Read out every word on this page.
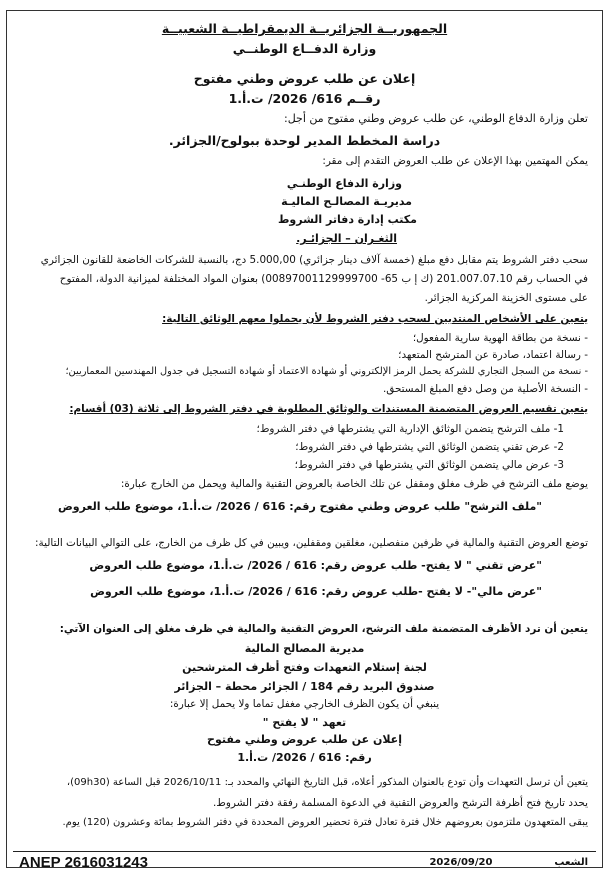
الجمهوريــة الجزائريــة الديمقراطيــة الشعبيــة
وزارة الدفــاع الوطنــي
إعلان عن طلب عروض وطني مفتوح
رقــم 616/ 2026/ ت.أ.1
تعلن وزارة الدفاع الوطني، عن طلب عروض وطني مفتوح من أجل:
دراسة المخطط المدير لوحدة ببولوح/الجزائر.
يمكن المهتمين بهذا الإعلان عن طلب العروض التقدم إلى مقر:
وزارة الدفاع الوطنـي
مديريـة المصالـح الماليـة
مكتب إدارة دفاتر الشروط
الثغـران – الجزائـر.
سحب دفتر الشروط يتم مقابل دفع مبلغ (خمسة آلاف دينار جزائري) 5.000,00 دج، بالنسبة للشركات الخاضعة للقانون الجزائري
في الحساب رقم 201.007.07.10 (ك إ ب 65- 00897001129999700) بعنوان المواد المختلفة لميزانية الدولة، المفتوح
على مستوى الخزينة المركزية الجزائر.
يتعين على الأشخاص المنتدبين لسحب دفتر الشروط لأن يحملوا معهم الوثائق التالية:
- نسخة من بطاقة الهوية سارية المفعول؛
- رسالة اعتماد، صادرة عن المترشح المتعهد؛
- نسخة من السجل التجاري للشركة يحمل الرمز الإلكتروني أو شهادة الاعتماد أو شهادة التسجيل في جدول المهندسين المعماريين؛
- النسخة الأصلية من وصل دفع المبلغ المستحق.
يتعين تقسيم العروض المتضمنة المستندات والوثائق المطلوبة في دفتر الشروط إلى ثلاثة (03) أقسام:
1- ملف الترشح يتضمن الوثائق الإدارية التي يشترطها في دفتر الشروط؛
2- عرض تقني يتضمن الوثائق التي يشترطها في دفتر الشروط؛
3- عرض مالي يتضمن الوثائق التي يشترطها في دفتر الشروط؛
يوضع ملف الترشح في ظرف مغلق ومقفل عن تلك الخاصة بالعروض التقنية والمالية ويحمل من الخارج عبارة:
"ملف الترشح" طلب عروض وطني مفتوح رقم: 616 / 2026/ ت.أ.1، موضوع طلب العروض
توضع العروض التقنية والمالية في ظرفين منفصلين، مغلقين ومقفلين، ويبين في كل ظرف من الخارج، على التوالي البيانات التالية:
"عرض تقني " لا يفتح- طلب عروض رقم: 616 / 2026/ ت.أ.1، موضوع طلب العروض
"عرض مالي"- لا يفتح -طلب عروض رقم: 616 / 2026/ ت.أ.1، موضوع طلب العروض
يتعين أن ترد الأظرف المتضمنة ملف الترشح، العروض التقنية والمالية في ظرف مغلق إلى العنوان الآتي:
مديرية المصالح المالية
لجنة إستلام التعهدات وفتح أظرف المترشحين
صندوق البريد رقم 184 / الجزائر محطة – الجزائر
ينبغي أن يكون الظرف الخارجي مغفل تماما ولا يحمل إلا عبارة:
تعهد " لا يفتح "
إعلان عن طلب عروض وطني مفتوح
رقم: 616 / 2026/ ت.أ.1
يتعين أن ترسل التعهدات وأن تودع بالعنوان المذكور أعلاه، قبل التاريخ النهائي والمحدد بـ: 2026/10/11 قبل الساعة (09h30)،
يحدد تاريخ فتح أظرفة الترشح والعروض التقنية في الدعوة المسلمة رفقة دفتر الشروط.
يبقى المتعهدون ملتزمون بعروضهم خلال فترة تعادل فترة تحضير العروض المحددة في دفتر الشروط بمائة وعشرون (120) يوم.
ANEP 2616031243	2026/09/20	الشعب
